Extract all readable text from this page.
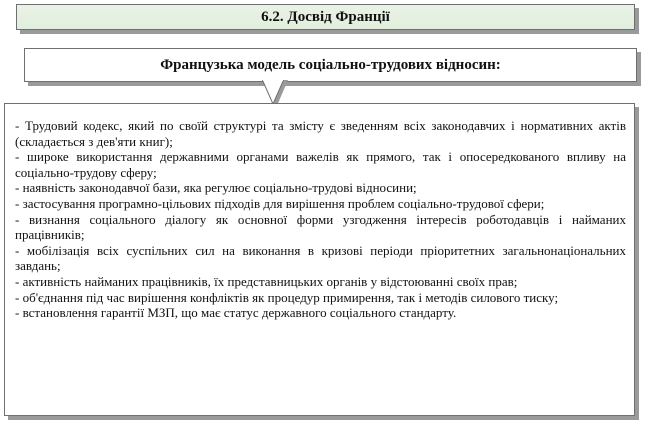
6.2. Досвід Франції
Французька модель соціально-трудових відносин:

- Трудовий кодекс, який по своїй структурі та змісту є зведенням всіх законодавчих і нормативних актів (складається з дев'яти книг);

- широке використання державними органами важелів як прямого, так і опосередкованого впливу на соціально-трудову сферу;

- наявність законодавчої бази, яка регулює соціально-трудові відносини;

- застосування програмно-цільових підходів для вирішення проблем соціально-трудової сфери;

- визнання соціального діалогу як основної форми узгодження інтересів роботодавців і найманих працівників;

- мобілізація всіх суспільних сил на виконання в кризові періоди пріоритетних загальнонаціональних завдань;

- активність найманих працівників, їх представницьких органів у відстоюванні своїх прав;

- об'єднання під час вирішення конфліктів як процедур примирення, так і методів силового тиску;

- встановлення гарантії МЗП, що має статус державного соціального стандарту.
